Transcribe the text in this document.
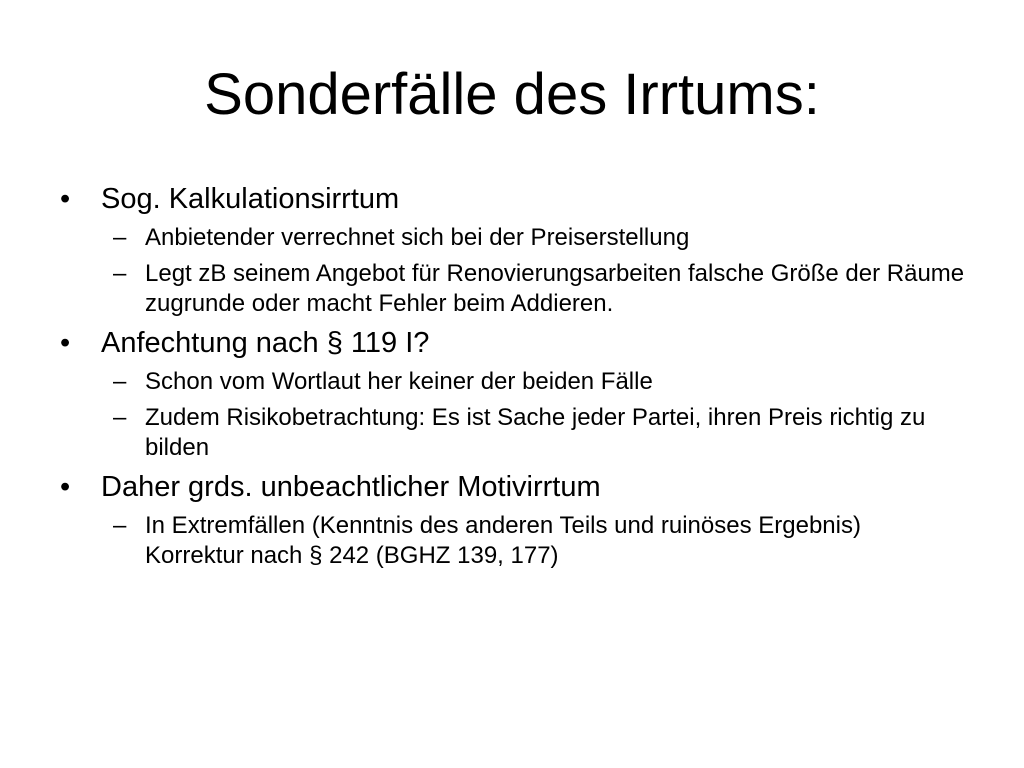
Sonderfälle des Irrtums:
•	Sog. Kalkulationsirrtum
– Anbietender verrechnet sich bei der Preiserstellung
– Legt zB seinem Angebot für Renovierungsarbeiten falsche Größe der Räume zugrunde oder macht Fehler beim Addieren.
•	Anfechtung nach § 119 I?
– Schon vom Wortlaut her keiner der beiden Fälle
– Zudem Risikobetrachtung: Es ist Sache jeder Partei, ihren Preis richtig zu bilden
•	Daher grds. unbeachtlicher Motivirrtum
– In Extremfällen (Kenntnis des anderen Teils und ruinöses Ergebnis) Korrektur nach § 242 (BGHZ 139, 177)
